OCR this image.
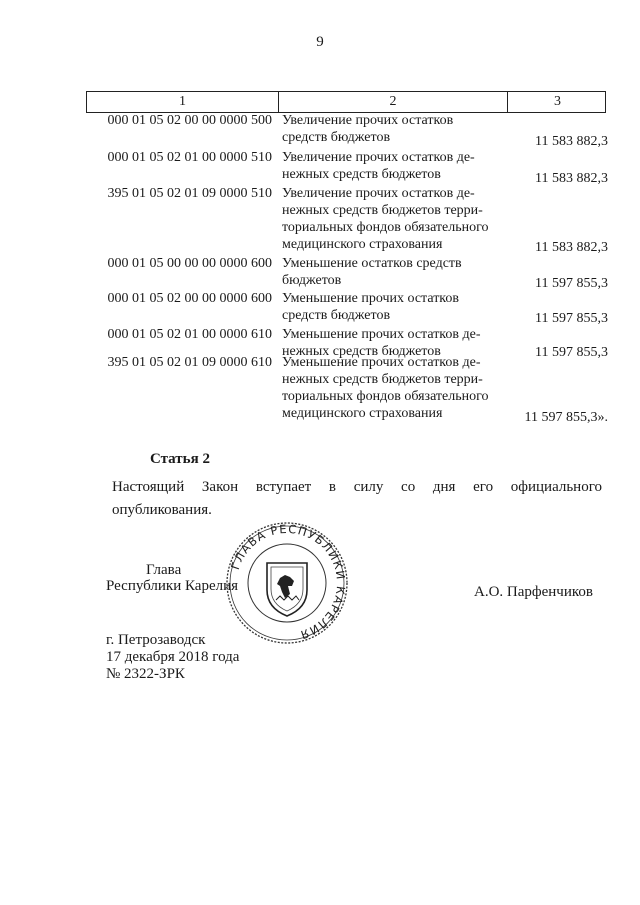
9
1	2	3
000 01 05 02 00 00 0000 500 Увеличение прочих остатков
средств бюджетов	11 583 882,3
000 01 05 02 01 00 0000 510 Увеличение прочих остатков де-
нежных средств бюджетов	11 583 882,3
395 01 05 02 01 09 0000 510 Увеличение прочих остатков де-
нежных средств бюджетов терри-
ториальных фондов обязательного
медицинского страхования	11 583 882,3
000 01 05 00 00 00 0000 600 Уменьшение остатков средств
бюджетов	11 597 855,3
000 01 05 02 00 00 0000 600 Уменьшение прочих остатков
средств бюджетов	11 597 855,3
000 01 05 02 01 00 0000 610 Уменьшение прочих остатков де-
нежных средств бюджетов	11 597 855,3
395 01 05 02 01 09 0000 610 Уменьшение прочих остатков де-
нежных средств бюджетов терри-
ториальных фондов обязательного
медицинского страхования	11 597 855,3».
Статья 2
Настоящий Закон вступает в силу со дня его официального
опубликования.
Глава
Республики Карелия
ГЛАВА РЕСПУБЛИКИ КАРЕЛИЯ
А.О. Парфенчиков
г. Петрозаводск
17 декабря 2018 года
№ 2322-ЗРК
